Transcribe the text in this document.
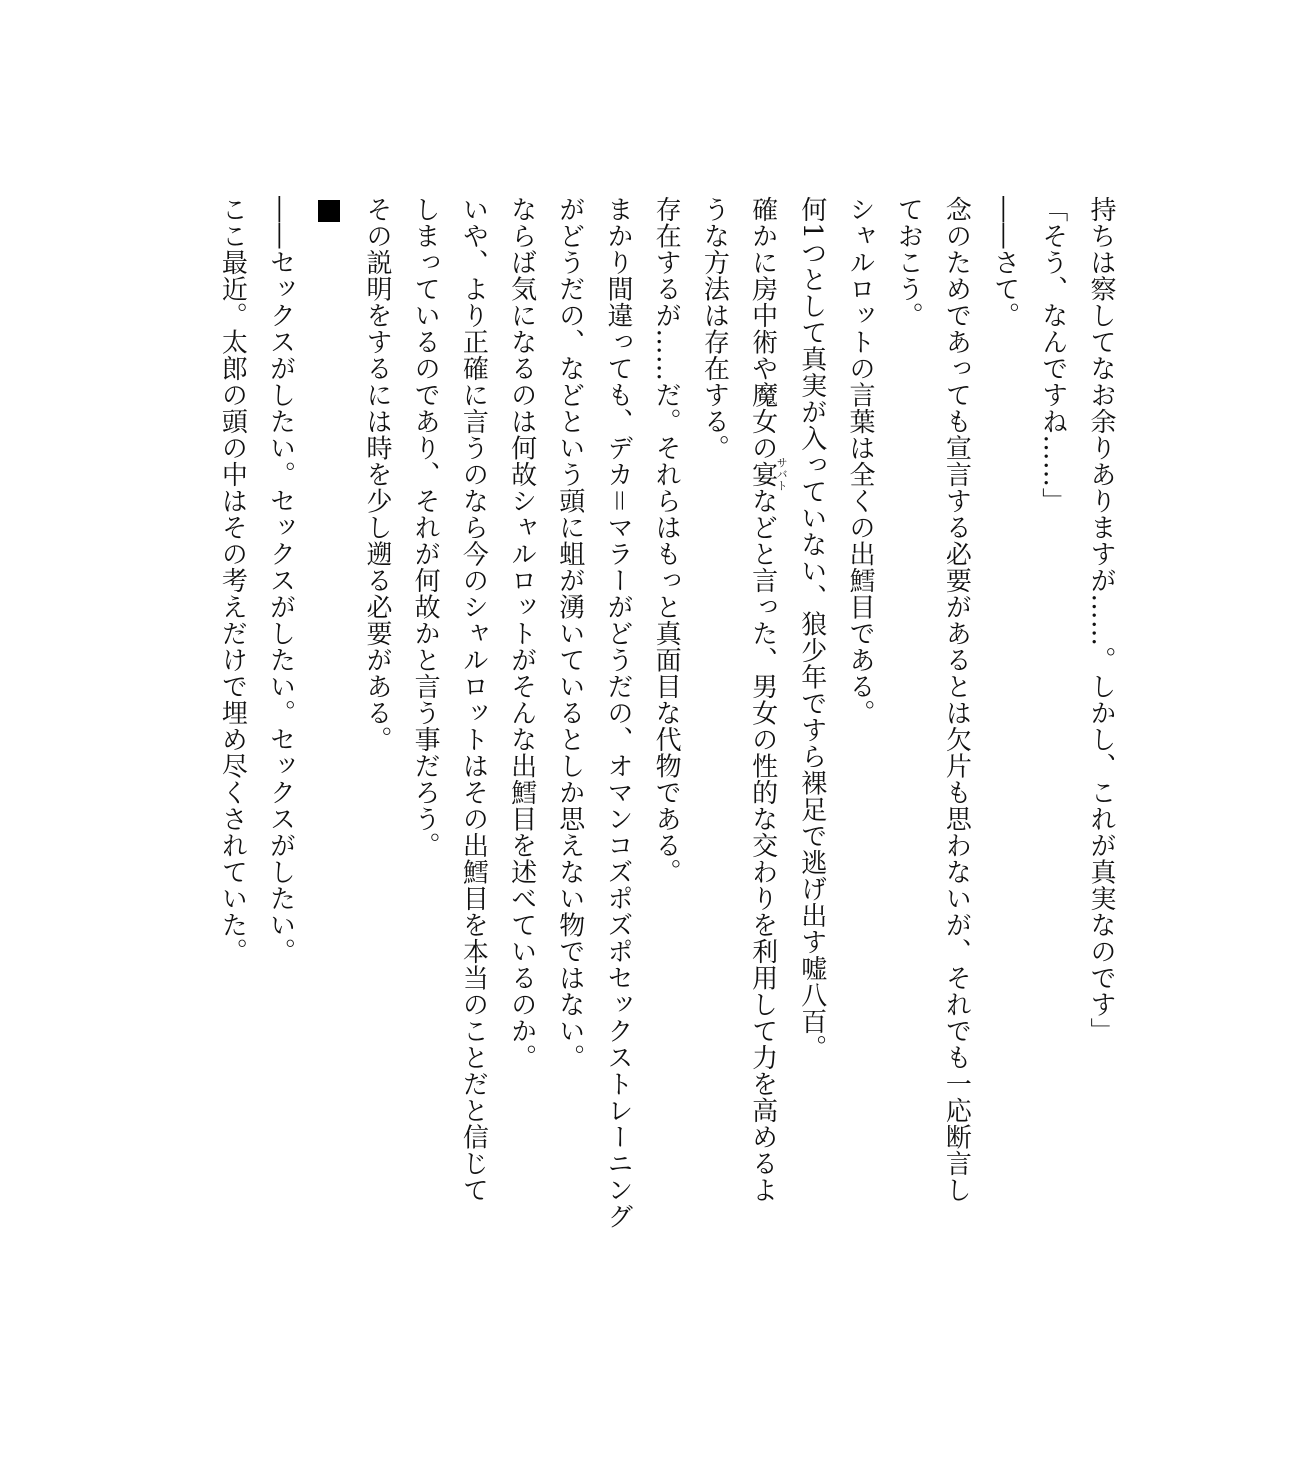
持ちは察してなお余りありますが……。しかし、これが真実なのです」
「そう、なんですね……」
――さて。
念のためであっても宣言する必要があるとは欠片も思わないが、それでも一応断言し
ておこう。
シャルロットの言葉は全くの出鱈目である。
何1つとして真実が入っていない、狼少年ですら裸足で逃げ出す嘘八百。
確かに房中術や魔女の宴サバトなどと言った、男女の性的な交わりを利用して力を高めるよ
うな方法は存在する。
存在するが……だ。それらはもっと真面目な代物である。
まかり間違っても、デカ＝マラーがどうだの、オマンコズポズポセックストレーニング
がどうだの、などという頭に蛆が湧いているとしか思えない物ではない。
ならば気になるのは何故シャルロットがそんな出鱈目を述べているのか。
いや、より正確に言うのなら今のシャルロットはその出鱈目を本当のことだと信じて
しまっているのであり、それが何故かと言う事だろう。
その説明をするには時を少し遡る必要がある。
――セックスがしたい。セックスがしたい。セックスがしたい。
ここ最近。太郎の頭の中はその考えだけで埋め尽くされていた。
